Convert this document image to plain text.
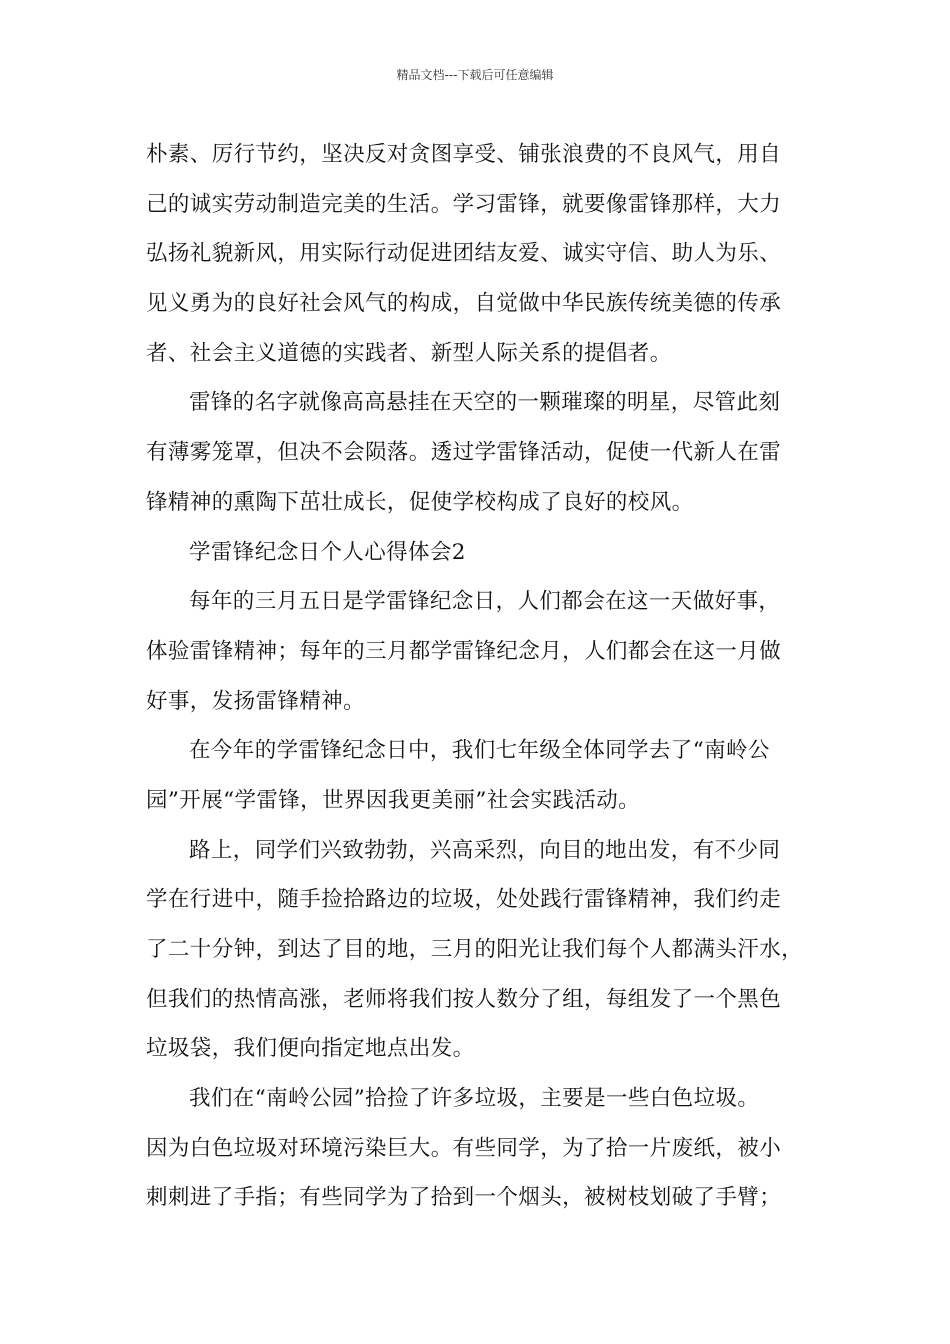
精品文档---下载后可任意编辑
朴素、厉行节约，坚决反对贪图享受、铺张浪费的不良风气，用自
己的诚实劳动制造完美的生活。学习雷锋，就要像雷锋那样，大力
弘扬礼貌新风，用实际行动促进团结友爱、诚实守信、助人为乐、
见义勇为的良好社会风气的构成，自觉做中华民族传统美德的传承
者、社会主义道德的实践者、新型人际关系的提倡者。
雷锋的名字就像高高悬挂在天空的一颗璀璨的明星，尽管此刻
有薄雾笼罩，但决不会陨落。透过学雷锋活动，促使一代新人在雷
锋精神的熏陶下茁壮成长，促使学校构成了良好的校风。
学雷锋纪念日个人心得体会2
每年的三月五日是学雷锋纪念日，人们都会在这一天做好事，
体验雷锋精神；每年的三月都学雷锋纪念月，人们都会在这一月做
好事，发扬雷锋精神。
在今年的学雷锋纪念日中，我们七年级全体同学去了“南岭公
园”开展“学雷锋，世界因我更美丽”社会实践活动。
路上，同学们兴致勃勃，兴高采烈，向目的地出发，有不少同
学在行进中，随手捡拾路边的垃圾，处处践行雷锋精神，我们约走
了二十分钟，到达了目的地，三月的阳光让我们每个人都满头汗水，
但我们的热情高涨，老师将我们按人数分了组，每组发了一个黑色
垃圾袋，我们便向指定地点出发。
我们在“南岭公园”拾捡了许多垃圾，主要是一些白色垃圾。
因为白色垃圾对环境污染巨大。有些同学，为了拾一片废纸，被小
刺刺进了手指；有些同学为了拾到一个烟头，被树枝划破了手臂；
